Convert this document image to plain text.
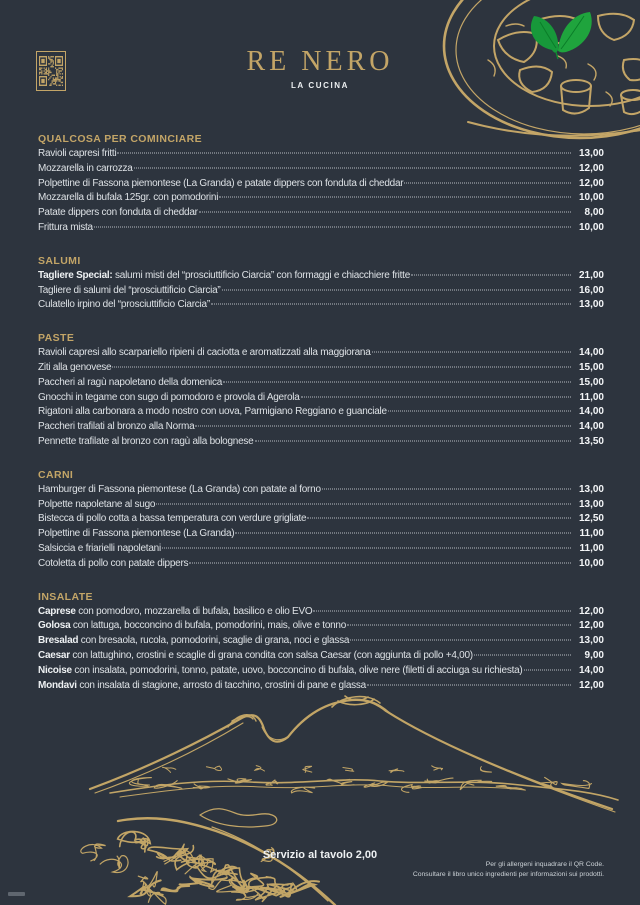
RE NERO
LA CUCINA
QUALCOSA PER COMINCIARE
Ravioli capresi fritti	13,00
Mozzarella in carrozza	12,00
Polpettine di Fassona piemontese (La Granda) e patate dippers con fonduta di cheddar	12,00
Mozzarella di bufala 125gr. con pomodorini	10,00
Patate dippers con fonduta di cheddar	8,00
Frittura mista	10,00
SALUMI
Tagliere Special: salumi misti del “prosciuttificio Ciarcia” con formaggi e chiacchiere fritte	21,00
Tagliere di salumi del “prosciuttificio Ciarcia”	16,00
Culatello irpino del “prosciuttificio Ciarcia”	13,00
PASTE
Ravioli capresi allo scarpariello ripieni di caciotta e aromatizzati alla maggiorana	14,00
Ziti alla genovese	15,00
Paccheri al ragù napoletano della domenica	15,00
Gnocchi in tegame con sugo di pomodoro e provola di Agerola	11,00
Rigatoni alla carbonara a modo nostro con uova, Parmigiano Reggiano e guanciale	14,00
Paccheri trafilati al bronzo alla Norma	14,00
Pennette trafilate al bronzo con ragù alla bolognese	13,50
CARNI
Hamburger di Fassona piemontese (La Granda) con patate al forno	13,00
Polpette napoletane al sugo	13,00
Bistecca di pollo cotta a bassa temperatura con verdure grigliate	12,50
Polpettine di Fassona piemontese (La Granda)	11,00
Salsiccia e friarielli napoletani	11,00
Cotoletta di pollo con patate dippers	10,00
INSALATE
Caprese con pomodoro, mozzarella di bufala, basilico e olio EVO	12,00
Golosa con lattuga, bocconcino di bufala, pomodorini, mais, olive e tonno	12,00
Bresalad con bresaola, rucola, pomodorini, scaglie di grana, noci e glassa	13,00
Caesar con lattughino, crostini e scaglie di grana condita con salsa Caesar (con aggiunta di pollo +4,00)	9,00
Nicoise con insalata, pomodorini, tonno, patate, uovo, bocconcino di bufala, olive nere (filetti di acciuga su richiesta)	14,00
Mondavi con insalata di stagione, arrosto di tacchino, crostini di pane e glassa	12,00
Servizio al tavolo 2,00
Per gli allergeni inquadrare il QR Code.
Consultare il libro unico ingredienti per informazioni sui prodotti.
